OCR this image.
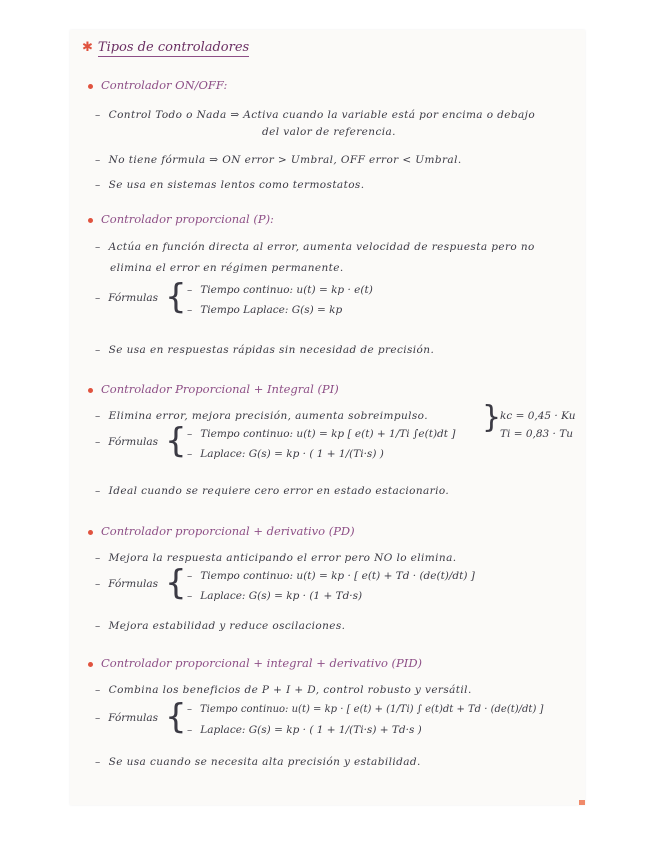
✱ Tipos de controladores
Controlador ON/OFF:
– Control Todo o Nada ⇒ Activa cuando la variable está por encima o debajo
del valor de referencia.
– No tiene fórmula ⇒ ON error > Umbral, OFF error < Umbral.
– Se usa en sistemas lentos como termostatos.
Controlador proporcional (P):
– Actúa en función directa al error, aumenta velocidad de respuesta pero no
elimina el error en régimen permanente.
– Fórmulas { – Tiempo continuo: u(t) = kp · e(t)
– Tiempo Laplace: G(s) = kp
– Se usa en respuestas rápidas sin necesidad de precisión.
Controlador Proporcional + Integral (PI)
– Elimina error, mejora precisión, aumenta sobreimpulso.
– Fórmulas { – Tiempo continuo: u(t) = kp [ e(t) + 1/Ti ∫e(t)dt ]
– Laplace: G(s) = kp · ( 1 + 1/(Ti·s) )
}
kc = 0,45 · Ku
Ti = 0,83 · Tu
– Ideal cuando se requiere cero error en estado estacionario.
Controlador proporcional + derivativo (PD)
– Mejora la respuesta anticipando el error pero NO lo elimina.
– Fórmulas { – Tiempo continuo: u(t) = kp · [ e(t) + Td · (de(t)/dt) ]
– Laplace: G(s) = kp · (1 + Td·s)
– Mejora estabilidad y reduce oscilaciones.
Controlador proporcional + integral + derivativo (PID)
– Combina los beneficios de P + I + D, control robusto y versátil.
– Fórmulas { – Tiempo continuo: u(t) = kp · [ e(t) + (1/Ti) ∫ e(t)dt + Td · (de(t)/dt) ]
– Laplace: G(s) = kp · ( 1 + 1/(Ti·s) + Td·s )
– Se usa cuando se necesita alta precisión y estabilidad.
